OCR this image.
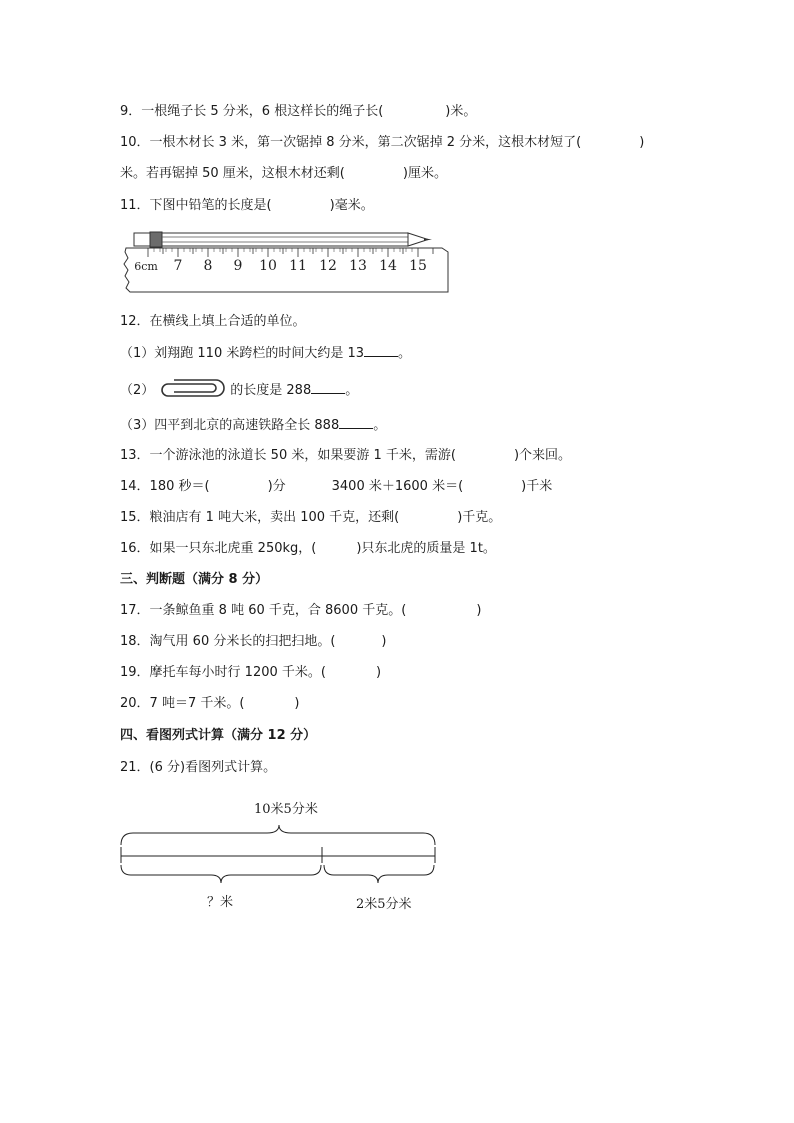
9．一根绳子长 5 分米，6 根这样长的绳子长(	)米。
10．一根木材长 3 米，第一次锯掉 8 分米，第二次锯掉 2 分米，这根木材短了(	)
米。若再锯掉 50 厘米，这根木材还剩(	)厘米。
11．下图中铅笔的长度是(	)毫米。
6cm 7 8 9 10 11 12 13 14 15
12．在横线上填上合适的单位。
（1）刘翔跑 110 米跨栏的时间大约是 13	。
（2）	的长度是 288	。
（3）四平到北京的高速铁路全长 888	。
13．一个游泳池的泳道长 50 米，如果要游 1 千米，需游(	)个来回。
14．180 秒＝(	)分	3400 米＋1600 米＝(	)千米
15．粮油店有 1 吨大米，卖出 100 千克，还剩(	)千克。
16．如果一只东北虎重 250kg，(	)只东北虎的质量是 1t。
三、判断题（满分 8 分）
17．一条鲸鱼重 8 吨 60 千克，合 8600 千克。(	)
18．淘气用 60 分米长的扫把扫地。(	)
19．摩托车每小时行 1200 千米。(	)
20．7 吨＝7 千米。(	)
四、看图列式计算（满分 12 分）
21．(6 分)看图列式计算。
10米5分米
？米	2米5分米
